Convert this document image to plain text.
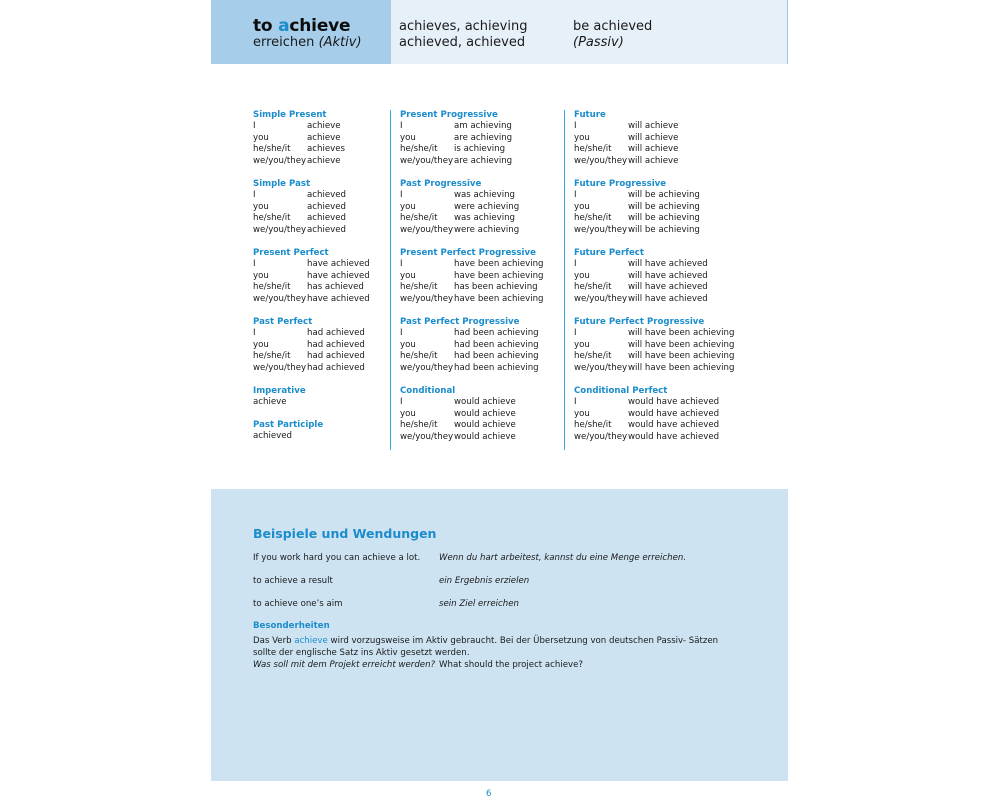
to achieve
erreichen (Aktiv)
achieves, achieving
achieved, achieved
be achieved
(Passiv)
Simple Present
I	achieve
you	achieve
he/she/it	achieves
we/you/they achieve
Simple Past
I	achieved
you	achieved
he/she/it	achieved
we/you/they achieved
Present Perfect
I	have achieved
you	have achieved
he/she/it	has achieved
we/you/they have achieved
Past Perfect
I	had achieved
you	had achieved
he/she/it	had achieved
we/you/they had achieved
Imperative
achieve
Past Participle
achieved
Present Progressive
I	am achieving
you	are achieving
he/she/it	is achieving
we/you/they are achieving
Past Progressive
I	was achieving
you	were achieving
he/she/it	was achieving
we/you/they were achieving
Present Perfect Progressive
I	have been achieving
you	have been achieving
he/she/it	has been achieving
we/you/they have been achieving
Past Perfect Progressive
I	had been achieving
you	had been achieving
he/she/it	had been achieving
we/you/they had been achieving
Conditional
I	would achieve
you	would achieve
he/she/it	would achieve
we/you/they would achieve
Future
I	will achieve
you	will achieve
he/she/it	will achieve
we/you/they will achieve
Future Progressive
I	will be achieving
you	will be achieving
he/she/it	will be achieving
we/you/they will be achieving
Future Perfect
I	will have achieved
you	will have achieved
he/she/it	will have achieved
we/you/they will have achieved
Future Perfect Progressive
I	will have been achieving
you	will have been achieving
he/she/it	will have been achieving
we/you/they will have been achieving
Conditional Perfect
I	would have achieved
you	would have achieved
he/she/it	would have achieved
we/you/they would have achieved
Beispiele und Wendungen
If you work hard you can achieve a lot. Wenn du hart arbeitest, kannst du eine Menge erreichen.
to achieve a result	ein Ergebnis erzielen
to achieve one’s aim	sein Ziel erreichen
Besonderheiten
Das Verb achieve wird vorzugsweise im Aktiv gebraucht. Bei der Übersetzung von deutschen Passiv- Sätzen sollte der englische Satz ins Aktiv gesetzt werden.
Was soll mit dem Projekt erreicht werden? What should the project achieve?
6
